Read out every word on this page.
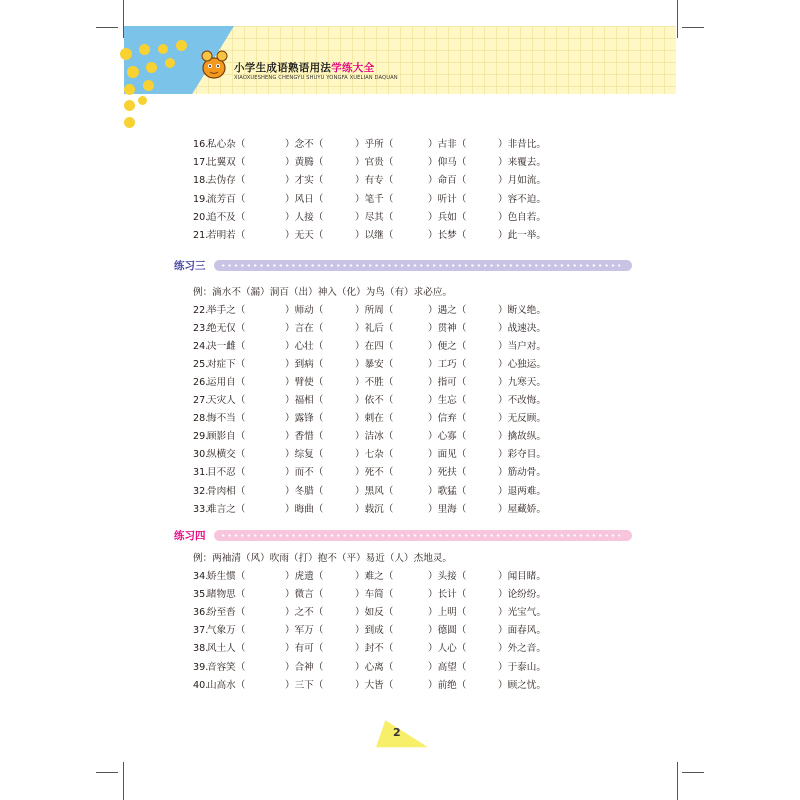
小学生成语熟语用法学练大全
XIAOXUESHENG CHENGYU SHUYU YONGFA XUELIAN DAQUAN
16.
私心杂（	）念不（	）乎所（	）古非（	）非昔比。
17.
比翼双（	）黄腾（	）官贵（	）仰马（	）来覆去。
18.
去伪存（	）才实（	）有专（	）命百（	）月如流。
19.
流芳百（	）风日（	）笔千（	）听计（	）容不迫。
20.
追不及（	）人接（	）尽其（	）兵如（	）色自若。
21.
若明若（	）无天（	）以继（	）长梦（	）此一举。
22.
举手之（	）师动（	）所周（	）遇之（	）断义绝。
23.
绝无仅（	）言在（	）礼后（	）贯神（	）战速决。
24.
决一雌（	）心壮（	）在四（	）便之（	）当户对。
25.
对症下（	）到病（	）暴安（	）工巧（	）心独运。
26.
运用自（	）臂使（	）不胜（	）指可（	）九寒天。
27.
天灾人（	）福相（	）依不（	）生忘（	）不改悔。
28.
悔不当（	）露锋（	）刺在（	）信弃（	）无反顾。
29.
顾影自（	）香惜（	）洁冰（	）心寡（	）擒故纵。
30.
纵横交（	）综复（	）七杂（	）面见（	）彩夺目。
31.
目不忍（	）而不（	）死不（	）死扶（	）筋动骨。
32.
骨肉相（	）冬腊（	）黑风（	）歌猛（	）退两难。
33.
难言之（	）晦曲（	）载沉（	）里海（	）屋藏娇。
34.
娇生惯（	）虎遗（	）难之（	）头接（	）闻目睹。
35.
睹物思（	）微言（	）车简（	）长计（	）论纷纷。
36.
纷至沓（	）之不（	）如反（	）上明（	）光宝气。
37.
气象万（	）军万（	）到成（	）德圆（	）面春风。
38.
风土人（	）有可（	）封不（	）人心（	）外之音。
39.
音容笑（	）合神（	）心离（	）高望（	）于泰山。
40.
山高水（	）三下（	）大皆（	）前绝（	）顾之忧。
练习三
例：滴水不（漏）洞百（出）神入（化）为鸟（有）求必应。
练习四
例：两袖清（风）吹雨（打）抱不（平）易近（人）杰地灵。
2
